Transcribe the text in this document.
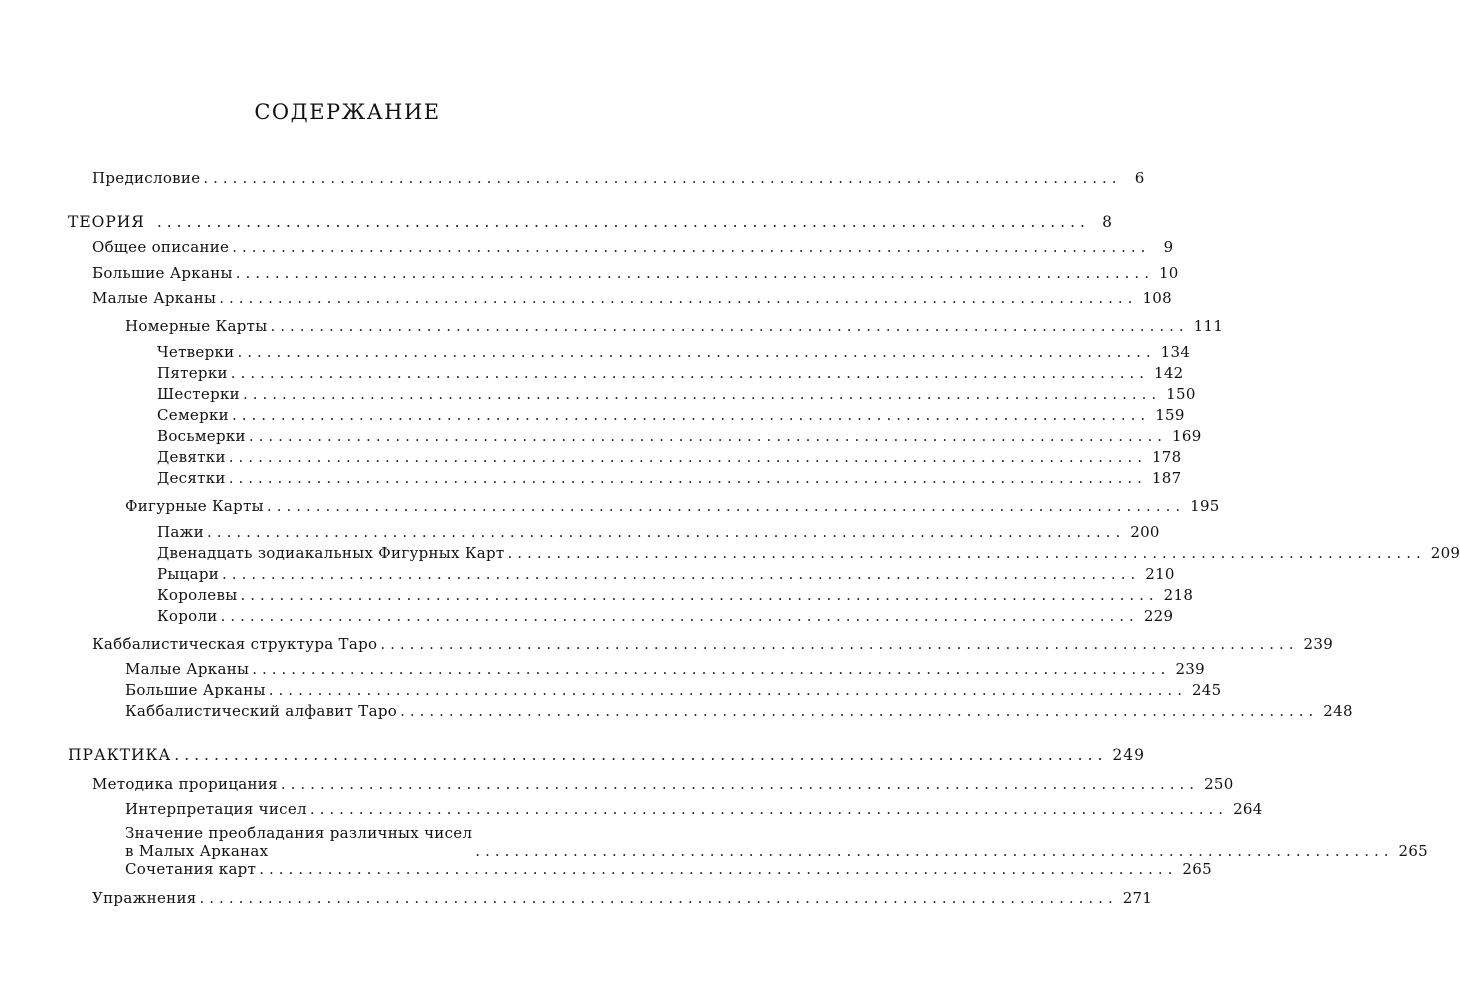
СОДЕРЖАНИЕ
Предисловие .............................................................................................. 6
ТЕОРИЯ .............................................................................................. 8
Общее описание .............................................................................................. 9
Большие Арканы .............................................................................................. 10
Малые Арканы .............................................................................................. 108
Номерные Карты .............................................................................................. 111
Четверки .............................................................................................. 134
Пятерки .............................................................................................. 142
Шестерки .............................................................................................. 150
Семерки .............................................................................................. 159
Восьмерки .............................................................................................. 169
Девятки .............................................................................................. 178
Десятки .............................................................................................. 187
Фигурные Карты .............................................................................................. 195
Пажи .............................................................................................. 200
Двенадцать зодиакальных Фигурных Карт .............................................................................................. 209
Рыцари .............................................................................................. 210
Королевы .............................................................................................. 218
Короли .............................................................................................. 229
Каббалистическая структура Таро .............................................................................................. 239
Малые Арканы .............................................................................................. 239
Большие Арканы .............................................................................................. 245
Каббалистический алфавит Таро .............................................................................................. 248
ПРАКТИКА .............................................................................................. 249
Методика прорицания .............................................................................................. 250
Интерпретация чисел .............................................................................................. 264
Значение преобладания различных чисел
в Малых Арканах	.............................................................................................. 265
Сочетания карт .............................................................................................. 265
Упражнения .............................................................................................. 271
